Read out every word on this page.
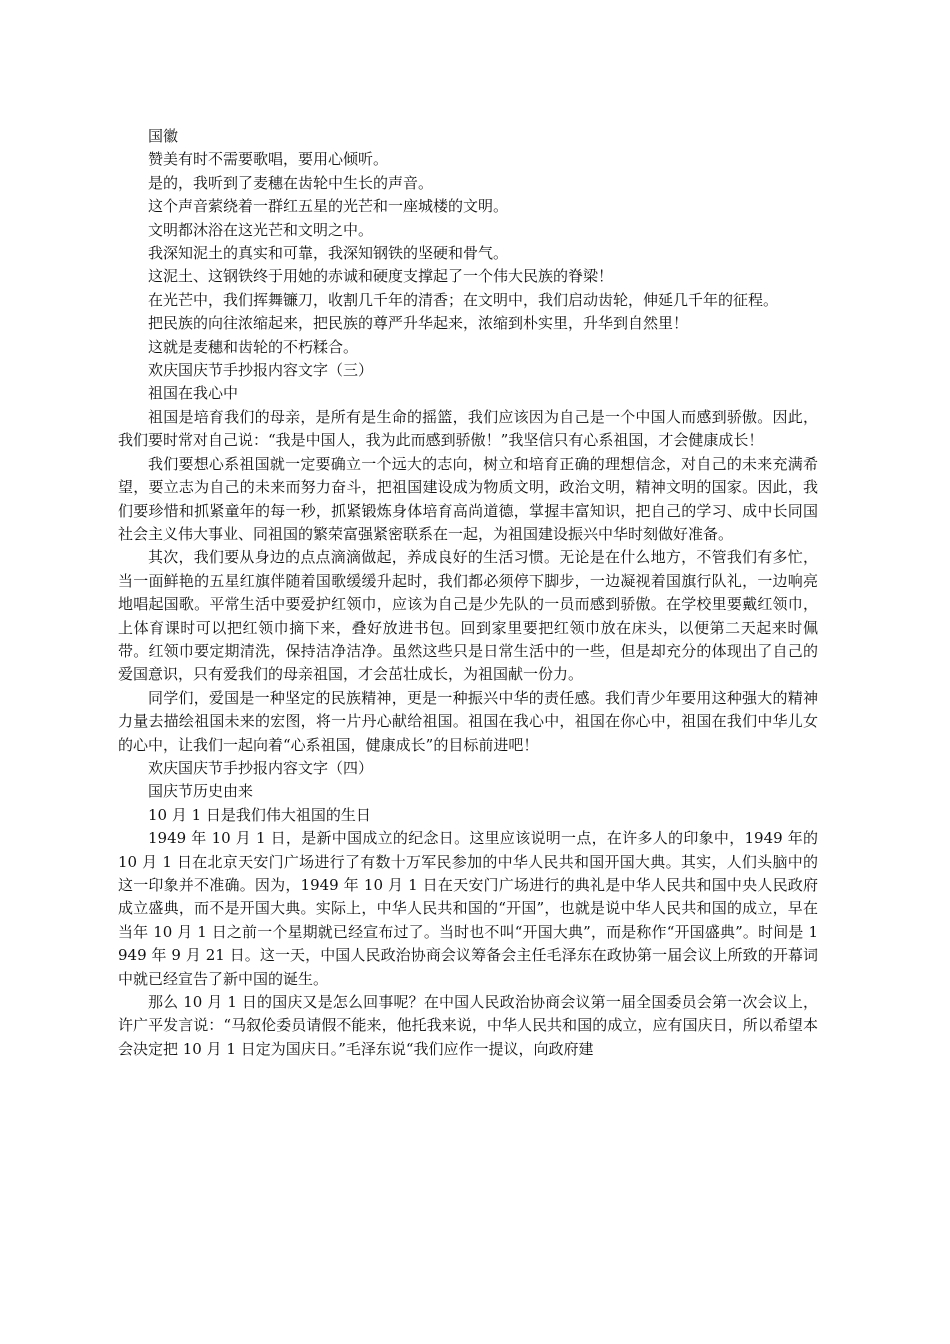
国徽

赞美有时不需要歌唱，要用心倾听。

是的，我听到了麦穗在齿轮中生长的声音。

这个声音萦绕着一群红五星的光芒和一座城楼的文明。

文明都沐浴在这光芒和文明之中。

我深知泥土的真实和可靠，我深知钢铁的坚硬和骨气。

这泥土、这钢铁终于用她的赤诚和硬度支撑起了一个伟大民族的脊梁！

在光芒中，我们挥舞镰刀，收割几千年的清香；在文明中，我们启动齿轮，伸延几千年的征程。

把民族的向往浓缩起来，把民族的尊严升华起来，浓缩到朴实里，升华到自然里！

这就是麦穗和齿轮的不朽糅合。

欢庆国庆节手抄报内容文字（三）

祖国在我心中

祖国是培育我们的母亲，是所有是生命的摇篮，我们应该因为自己是一个中国人而感到骄傲。因此，我们要时常对自己说：“我是中国人，我为此而感到骄傲！”我坚信只有心系祖国，才会健康成长！

我们要想心系祖国就一定要确立一个远大的志向，树立和培育正确的理想信念，对自己的未来充满希望，要立志为自己的未来而努力奋斗，把祖国建设成为物质文明，政治文明，精神文明的国家。因此，我们要珍惜和抓紧童年的每一秒，抓紧锻炼身体培育高尚道德，掌握丰富知识，把自己的学习、成中长同国社会主义伟大事业、同祖国的繁荣富强紧密联系在一起，为祖国建设振兴中华时刻做好准备。

其次，我们要从身边的点点滴滴做起，养成良好的生活习惯。无论是在什么地方，不管我们有多忙，当一面鲜艳的五星红旗伴随着国歌缓缓升起时，我们都必须停下脚步，一边凝视着国旗行队礼，一边响亮地唱起国歌。平常生活中要爱护红领巾，应该为自己是少先队的一员而感到骄傲。在学校里要戴红领巾，上体育课时可以把红领巾摘下来，叠好放进书包。回到家里要把红领巾放在床头，以便第二天起来时佩带。红领巾要定期清洗，保持洁净洁净。虽然这些只是日常生活中的一些，但是却充分的体现出了自己的爱国意识，只有爱我们的母亲祖国，才会茁壮成长，为祖国献一份力。

同学们，爱国是一种坚定的民族精神，更是一种振兴中华的责任感。我们青少年要用这种强大的精神力量去描绘祖国未来的宏图，将一片丹心献给祖国。祖国在我心中，祖国在你心中，祖国在我们中华儿女的心中，让我们一起向着“心系祖国，健康成长”的目标前进吧！

欢庆国庆节手抄报内容文字（四）

国庆节历史由来

10 月 1 日是我们伟大祖国的生日

1949 年 10 月 1 日，是新中国成立的纪念日。这里应该说明一点，在许多人的印象中，1949 年的 10 月 1 日在北京天安门广场进行了有数十万军民参加的中华人民共和国开国大典。其实，人们头脑中的这一印象并不准确。因为，1949 年 10 月 1 日在天安门广场进行的典礼是中华人民共和国中央人民政府成立盛典，而不是开国大典。实际上，中华人民共和国的“开国”，也就是说中华人民共和国的成立，早在当年 10 月 1 日之前一个星期就已经宣布过了。当时也不叫“开国大典”，而是称作“开国盛典”。时间是 1949 年 9 月 21 日。这一天，中国人民政治协商会议筹备会主任毛泽东在政协第一届会议上所致的开幕词中就已经宣告了新中国的诞生。

那么 10 月 1 日的国庆又是怎么回事呢？在中国人民政治协商会议第一届全国委员会第一次会议上，许广平发言说：“马叙伦委员请假不能来，他托我来说，中华人民共和国的成立，应有国庆日，所以希望本会决定把 10 月 1 日定为国庆日。”毛泽东说“我们应作一提议，向政府建
